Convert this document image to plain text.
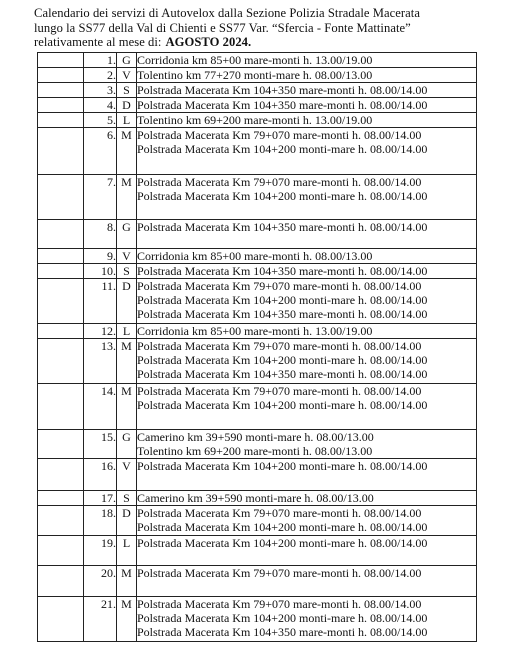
Calendario dei servizi di Autovelox dalla Sezione Polizia Stradale Macerata
lungo la SS77 della Val di Chienti e SS77 Var. “Sfercia - Fonte Mattinate”
relativamente al mese di: AGOSTO 2024.
	1.	G	Corridonia km 85+00 mare-monti h. 13.00/19.00

	2.	V	Tolentino km 77+270 monti-mare h. 08.00/13.00

	3.	S	Polstrada Macerata Km 104+350 mare-monti h. 08.00/14.00

	4.	D	Polstrada Macerata Km 104+350 mare-monti h. 08.00/14.00

	5.	L	Tolentino km 69+200 mare-monti h. 13.00/19.00

	6.	M	Polstrada Macerata Km 79+070 mare-monti h. 08.00/14.00
Polstrada Macerata Km 104+200 monti-mare h. 08.00/14.00

	7.	M	Polstrada Macerata Km 79+070 mare-monti h. 08.00/14.00
Polstrada Macerata Km 104+200 monti-mare h. 08.00/14.00

	8.	G	Polstrada Macerata Km 104+350 mare-monti h. 08.00/14.00

	9.	V	Corridonia km 85+00 mare-monti h. 08.00/13.00

	10.	S	Polstrada Macerata Km 104+350 mare-monti h. 08.00/14.00

	11.	D	Polstrada Macerata Km 79+070 mare-monti h. 08.00/14.00
Polstrada Macerata Km 104+200 monti-mare h. 08.00/14.00
Polstrada Macerata Km 104+350 mare-monti h. 08.00/14.00

	12.	L	Corridonia km 85+00 mare-monti h. 13.00/19.00

	13.	M	Polstrada Macerata Km 79+070 mare-monti h. 08.00/14.00
Polstrada Macerata Km 104+200 monti-mare h. 08.00/14.00
Polstrada Macerata Km 104+350 mare-monti h. 08.00/14.00

	14.	M	Polstrada Macerata Km 79+070 mare-monti h. 08.00/14.00
Polstrada Macerata Km 104+200 monti-mare h. 08.00/14.00

	15.	G	Camerino km 39+590 monti-mare h. 08.00/13.00
Tolentino km 69+200 mare-monti h. 08.00/13.00

	16.	V	Polstrada Macerata Km 104+200 monti-mare h. 08.00/14.00

	17.	S	Camerino km 39+590 monti-mare h. 08.00/13.00

	18.	D	Polstrada Macerata Km 79+070 mare-monti h. 08.00/14.00
Polstrada Macerata Km 104+200 monti-mare h. 08.00/14.00

	19.	L	Polstrada Macerata Km 104+200 monti-mare h. 08.00/14.00

	20.	M	Polstrada Macerata Km 79+070 mare-monti h. 08.00/14.00

	21.	M	Polstrada Macerata Km 79+070 mare-monti h. 08.00/14.00
Polstrada Macerata Km 104+200 monti-mare h. 08.00/14.00
Polstrada Macerata Km 104+350 mare-monti h. 08.00/14.00
